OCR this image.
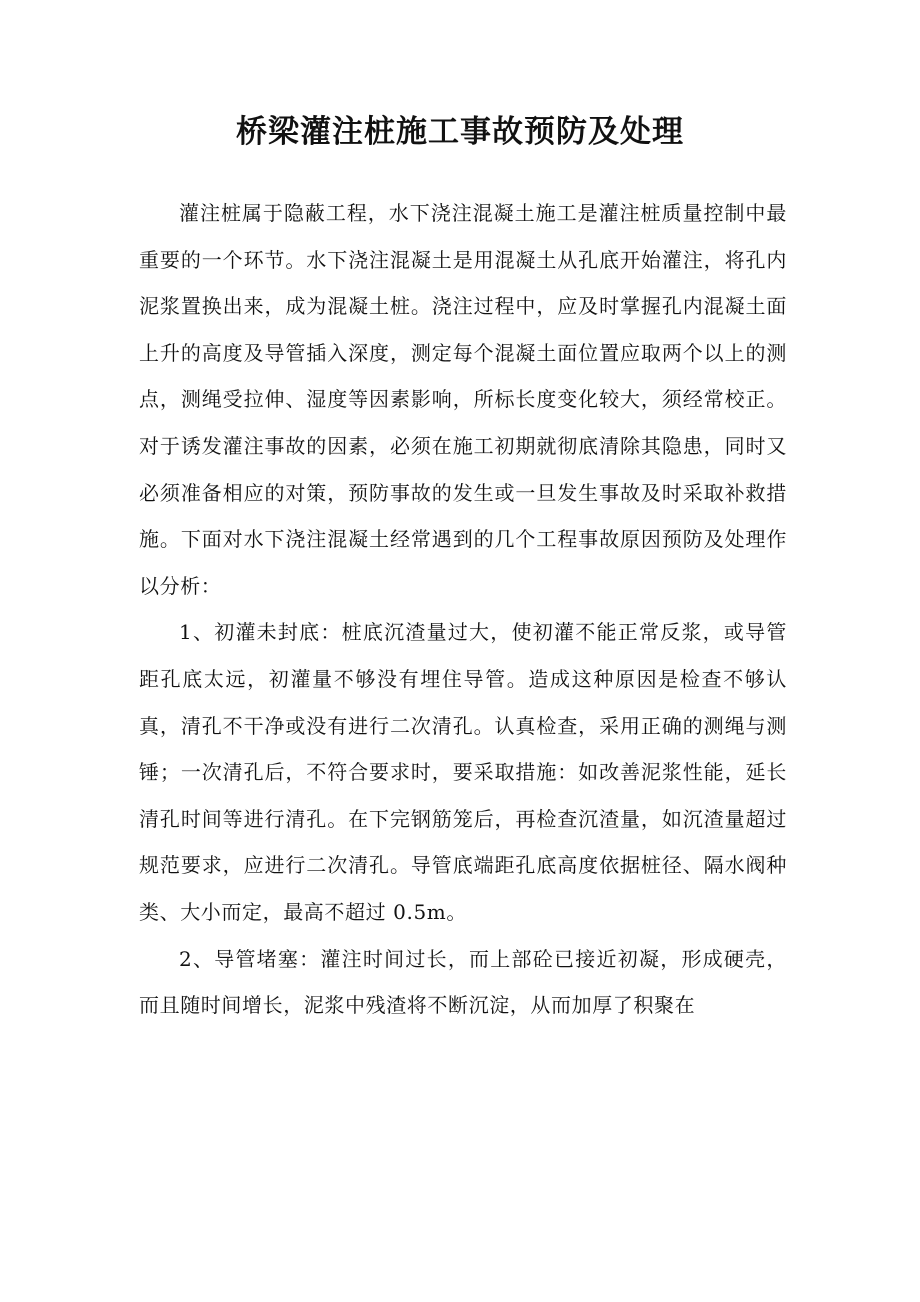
桥梁灌注桩施工事故预防及处理

灌注桩属于隐蔽工程，水下浇注混凝土施工是灌注桩质量控制中最重要的一个环节。水下浇注混凝土是用混凝土从孔底开始灌注，将孔内泥浆置换出来，成为混凝土桩。浇注过程中，应及时掌握孔内混凝土面上升的高度及导管插入深度，测定每个混凝土面位置应取两个以上的测点，测绳受拉伸、湿度等因素影响，所标长度变化较大，须经常校正。对于诱发灌注事故的因素，必须在施工初期就彻底清除其隐患，同时又必须准备相应的对策，预防事故的发生或一旦发生事故及时采取补救措施。下面对水下浇注混凝土经常遇到的几个工程事故原因预防及处理作以分析：

1、初灌未封底：桩底沉渣量过大，使初灌不能正常反浆，或导管距孔底太远，初灌量不够没有埋住导管。造成这种原因是检查不够认真，清孔不干净或没有进行二次清孔。认真检查，采用正确的测绳与测锤；一次清孔后，不符合要求时，要采取措施：如改善泥浆性能，延长清孔时间等进行清孔。在下完钢筋笼后，再检查沉渣量，如沉渣量超过规范要求，应进行二次清孔。导管底端距孔底高度依据桩径、隔水阀种类、大小而定，最高不超过 0.5m。

2、导管堵塞：灌注时间过长，而上部砼已接近初凝，形成硬壳，而且随时间增长，泥浆中残渣将不断沉淀，从而加厚了积聚在
